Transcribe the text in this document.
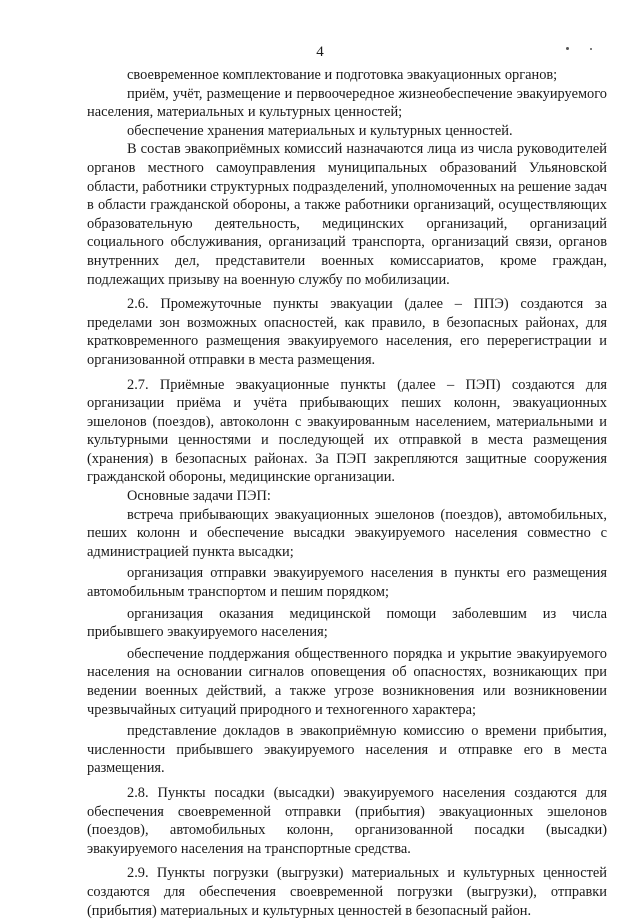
4

своевременное комплектование и подготовка эвакуационных органов;

приём, учёт, размещение и первоочередное жизнеобеспечение эвакуируемого населения, материальных и культурных ценностей;

обеспечение хранения материальных и культурных ценностей.

В состав эвакоприёмных комиссий назначаются лица из числа руководителей органов местного самоуправления муниципальных образований Ульяновской области, работники структурных подразделений, уполномоченных на решение задач в области гражданской обороны, а также работники организаций, осуществляющих образовательную деятельность, медицинских организаций, организаций социального обслуживания, организаций транспорта, организаций связи, органов внутренних дел, представители военных комиссариатов, кроме граждан, подлежащих призыву на военную службу по мобилизации.

2.6. Промежуточные пункты эвакуации (далее – ППЭ) создаются за пределами зон возможных опасностей, как правило, в безопасных районах, для кратковременного размещения эвакуируемого населения, его перерегистрации и организованной отправки в места размещения.

2.7. Приёмные эвакуационные пункты (далее – ПЭП) создаются для организации приёма и учёта прибывающих пеших колонн, эвакуационных эшелонов (поездов), автоколонн с эвакуированным населением, материальными и культурными ценностями и последующей их отправкой в места размещения (хранения) в безопасных районах. За ПЭП закрепляются защитные сооружения гражданской обороны, медицинские организации.

Основные задачи ПЭП:

встреча прибывающих эвакуационных эшелонов (поездов), автомобильных, пеших колонн и обеспечение высадки эвакуируемого населения совместно с администрацией пункта высадки;

организация отправки эвакуируемого населения в пункты его размещения автомобильным транспортом и пешим порядком;

организация оказания медицинской помощи заболевшим из числа прибывшего эвакуируемого населения;

обеспечение поддержания общественного порядка и укрытие эвакуируемого населения на основании сигналов оповещения об опасностях, возникающих при ведении военных действий, а также угрозе возникновения или возникновении чрезвычайных ситуаций природного и техногенного характера;

представление докладов в эвакоприёмную комиссию о времени прибытия, численности прибывшего эвакуируемого населения и отправке его в места размещения.

2.8. Пункты посадки (высадки) эвакуируемого населения создаются для обеспечения своевременной отправки (прибытия) эвакуационных эшелонов (поездов), автомобильных колонн, организованной посадки (высадки) эвакуируемого населения на транспортные средства.

2.9. Пункты погрузки (выгрузки) материальных и культурных ценностей создаются для обеспечения своевременной погрузки (выгрузки), отправки (прибытия) материальных и культурных ценностей в безопасный район.
